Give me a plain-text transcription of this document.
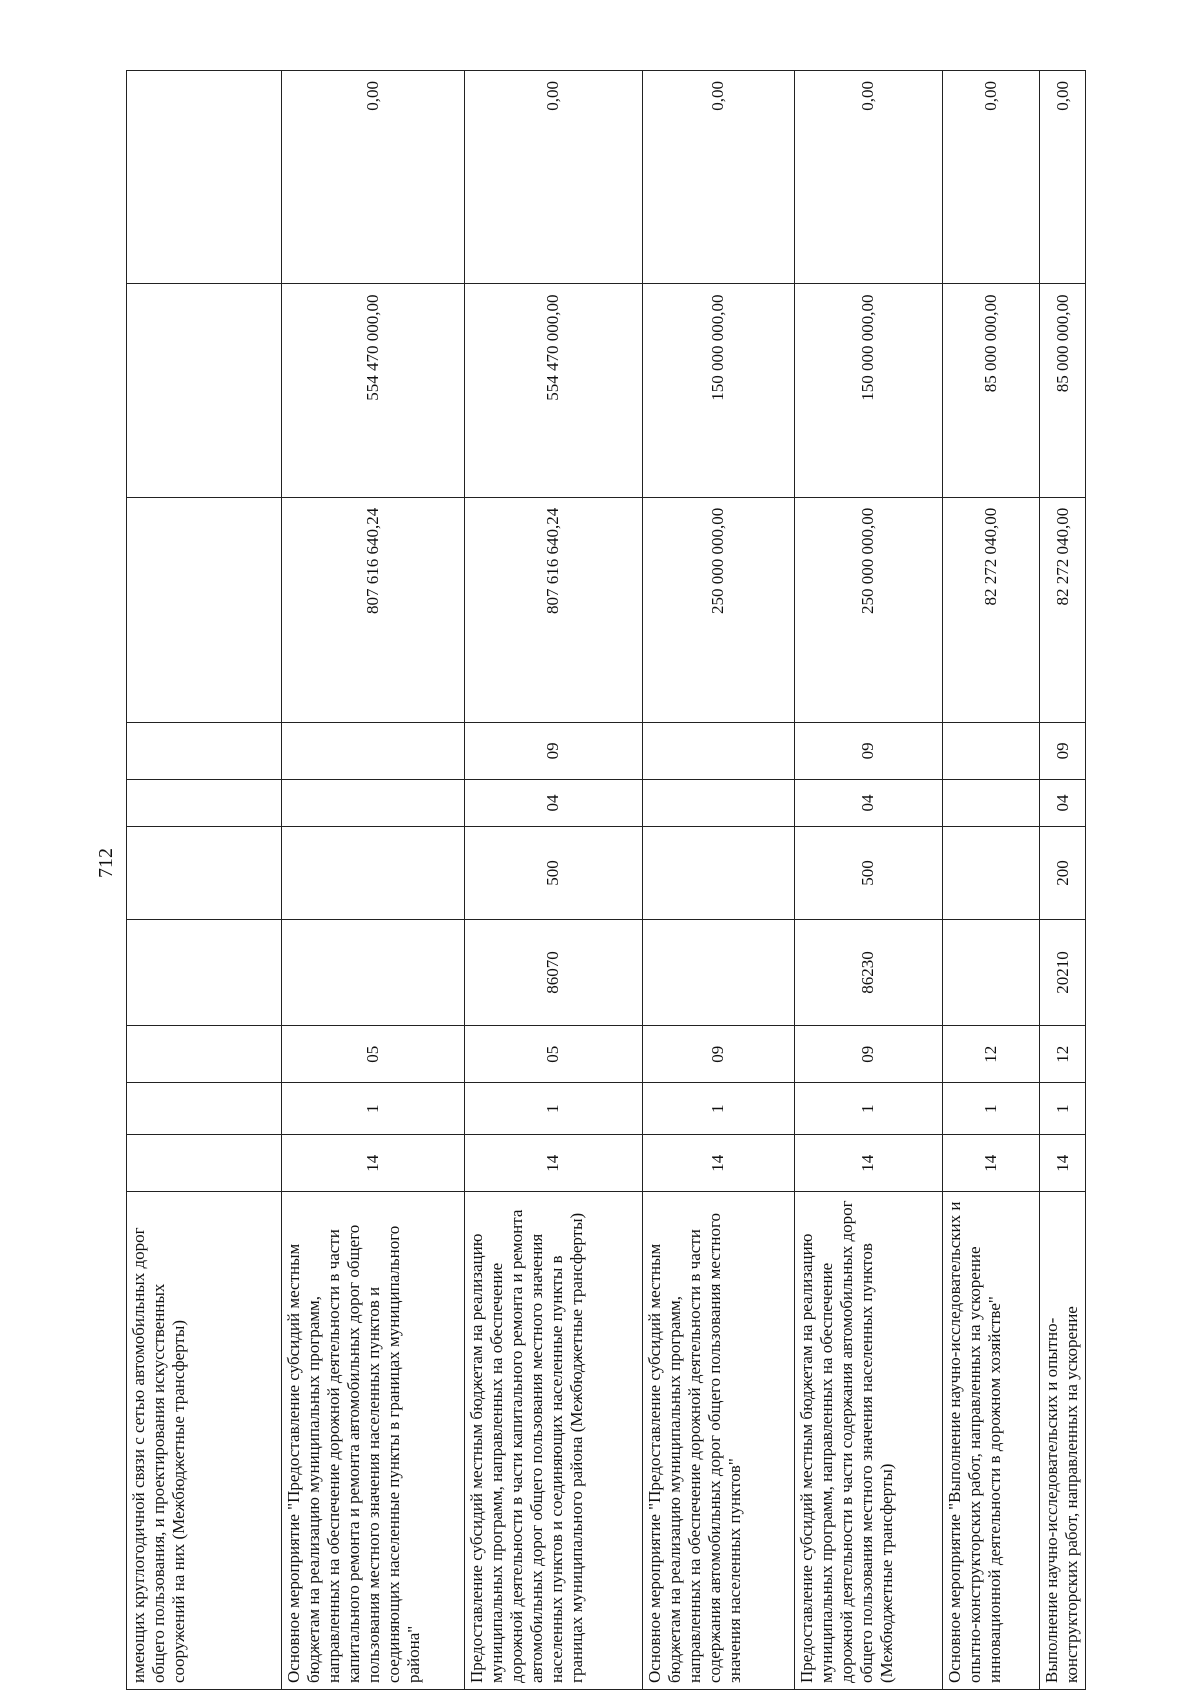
712
имеющих круглогодичной связи с сетью автомобильных дорог общего пользования, и проектирования искусственных сооружений на них (Межбюджетные трансферты)										
Основное мероприятие "Предоставление субсидий местным бюджетам на реализацию муниципальных программ, направленных на обеспечение дорожной деятельности в части капитального ремонта и ремонта автомобильных дорог общего пользования местного значения населенных пунктов и соединяющих населенные пункты в границах муниципального района"	14	1	05					807 616 640,24	554 470 000,00	0,00
Предоставление субсидий местным бюджетам на реализацию муниципальных программ, направленных на обеспечение дорожной деятельности в части капитального ремонта и ремонта автомобильных дорог общего пользования местного значения населенных пунктов и соединяющих населенные пункты в границах муниципального района (Межбюджетные трансферты)	14	1	05	86070	500	04	09	807 616 640,24	554 470 000,00	0,00
Основное мероприятие "Предоставление субсидий местным бюджетам на реализацию муниципальных программ, направленных на обеспечение дорожной деятельности в части содержания автомобильных дорог общего пользования местного значения населенных пунктов"	14	1	09					250 000 000,00	150 000 000,00	0,00
Предоставление субсидий местным бюджетам на реализацию муниципальных программ, направленных на обеспечение дорожной деятельности в части содержания автомобильных дорог общего пользования местного значения населенных пунктов (Межбюджетные трансферты)	14	1	09	86230	500	04	09	250 000 000,00	150 000 000,00	0,00
Основное мероприятие "Выполнение научно-исследовательских и опытно-конструкторских работ, направленных на ускорение инновационной деятельности в дорожном хозяйстве"	14	1	12					82 272 040,00	85 000 000,00	0,00
Выполнение научно-исследовательских и опытно-конструкторских работ, направленных на ускорение	14	1	12	20210	200	04	09	82 272 040,00	85 000 000,00	0,00
